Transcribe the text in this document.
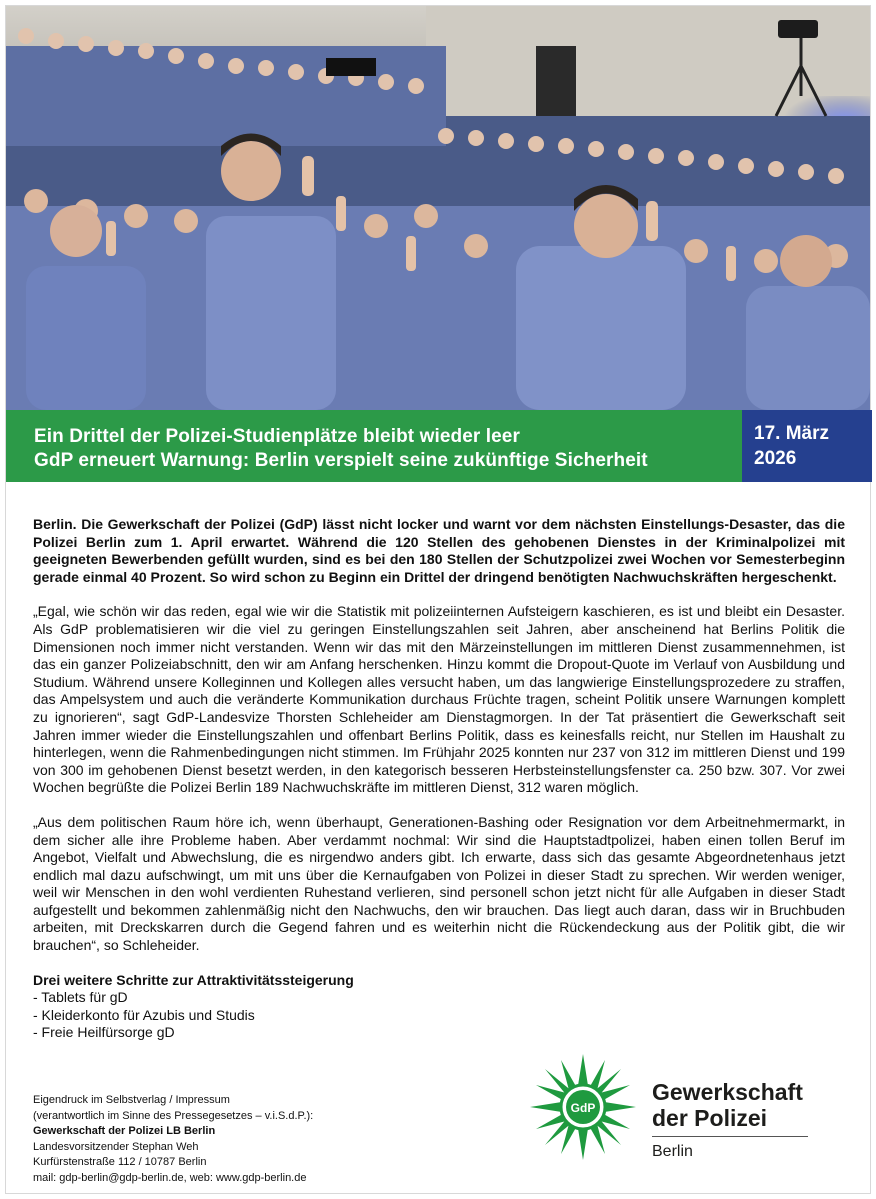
Ein Drittel der Polizei-Studienplätze bleibt wieder leer
GdP erneuert Warnung: Berlin verspielt seine zukünftige Sicherheit
17. März
2026

Berlin. Die Gewerkschaft der Polizei (GdP) lässt nicht locker und warnt vor dem nächsten Einstellungs-Desaster, das die Polizei Berlin zum 1. April erwartet. Während die 120 Stellen des gehobenen Dienstes in der Kriminalpolizei mit geeigneten Bewerbenden gefüllt wurden, sind es bei den 180 Stellen der Schutzpolizei zwei Wochen vor Semesterbeginn gerade einmal 40 Prozent. So wird schon zu Beginn ein Drittel der dringend benötigten Nachwuchskräften hergeschenkt.

„Egal, wie schön wir das reden, egal wie wir die Statistik mit polizeiinternen Aufsteigern kaschieren, es ist und bleibt ein Desaster. Als GdP problematisieren wir die viel zu geringen Einstellungszahlen seit Jahren, aber anscheinend hat Berlins Politik die Dimensionen noch immer nicht verstanden. Wenn wir das mit den Märzeinstellungen im mittleren Dienst zusammennehmen, ist das ein ganzer Polizeiabschnitt, den wir am Anfang herschenken. Hinzu kommt die Dropout-Quote im Verlauf von Ausbildung und Studium. Während unsere Kolleginnen und Kollegen alles versucht haben, um das langwierige Einstellungsprozedere zu straffen, das Ampelsystem und auch die veränderte Kommunikation durchaus Früchte tragen, scheint Politik unsere Warnungen komplett zu ignorieren“, sagt GdP-Landesvize Thorsten Schleheider am Dienstagmorgen. In der Tat präsentiert die Gewerkschaft seit Jahren immer wieder die Einstellungszahlen und offenbart Berlins Politik, dass es keinesfalls reicht, nur Stellen im Haushalt zu hinterlegen, wenn die Rahmenbedingungen nicht stimmen. Im Frühjahr 2025 konnten nur 237 von 312 im mittleren Dienst und 199 von 300 im gehobenen Dienst besetzt werden, in den kategorisch besseren Herbsteinstellungsfenster ca. 250 bzw. 307. Vor zwei Wochen begrüßte die Polizei Berlin 189 Nachwuchskräfte im mittleren Dienst, 312 waren möglich.

„Aus dem politischen Raum höre ich, wenn überhaupt, Generationen-Bashing oder Resignation vor dem Arbeitnehmermarkt, in dem sicher alle ihre Probleme haben. Aber verdammt nochmal: Wir sind die Hauptstadtpolizei, haben einen tollen Beruf im Angebot, Vielfalt und Abwechslung, die es nirgendwo anders gibt. Ich erwarte, dass sich das gesamte Abgeordnetenhaus jetzt endlich mal dazu aufschwingt, um mit uns über die Kernaufgaben von Polizei in dieser Stadt zu sprechen. Wir werden weniger, weil wir Menschen in den wohl verdienten Ruhestand verlieren, sind personell schon jetzt nicht für alle Aufgaben in dieser Stadt aufgestellt und bekommen zahlenmäßig nicht den Nachwuchs, den wir brauchen. Das liegt auch daran, dass wir in Bruchbuden arbeiten, mit Dreckskarren durch die Gegend fahren und es weiterhin nicht die Rückendeckung aus der Politik gibt, die wir brauchen“, so Schleheider.

Drei weitere Schritte zur Attraktivitätssteigerung
- Tablets für gD
- Kleiderkonto für Azubis und Studis
- Freie Heilfürsorge gD
Eigendruck im Selbstverlag / Impressum
(verantwortlich im Sinne des Pressegesetzes – v.i.S.d.P.):
Gewerkschaft der Polizei LB Berlin
Landesvorsitzender Stephan Weh
Kurfürstenstraße 112 / 10787 Berlin
mail: gdp-berlin@gdp-berlin.de, web: www.gdp-berlin.de
GdP
Gewerkschaft
der Polizei
Berlin
